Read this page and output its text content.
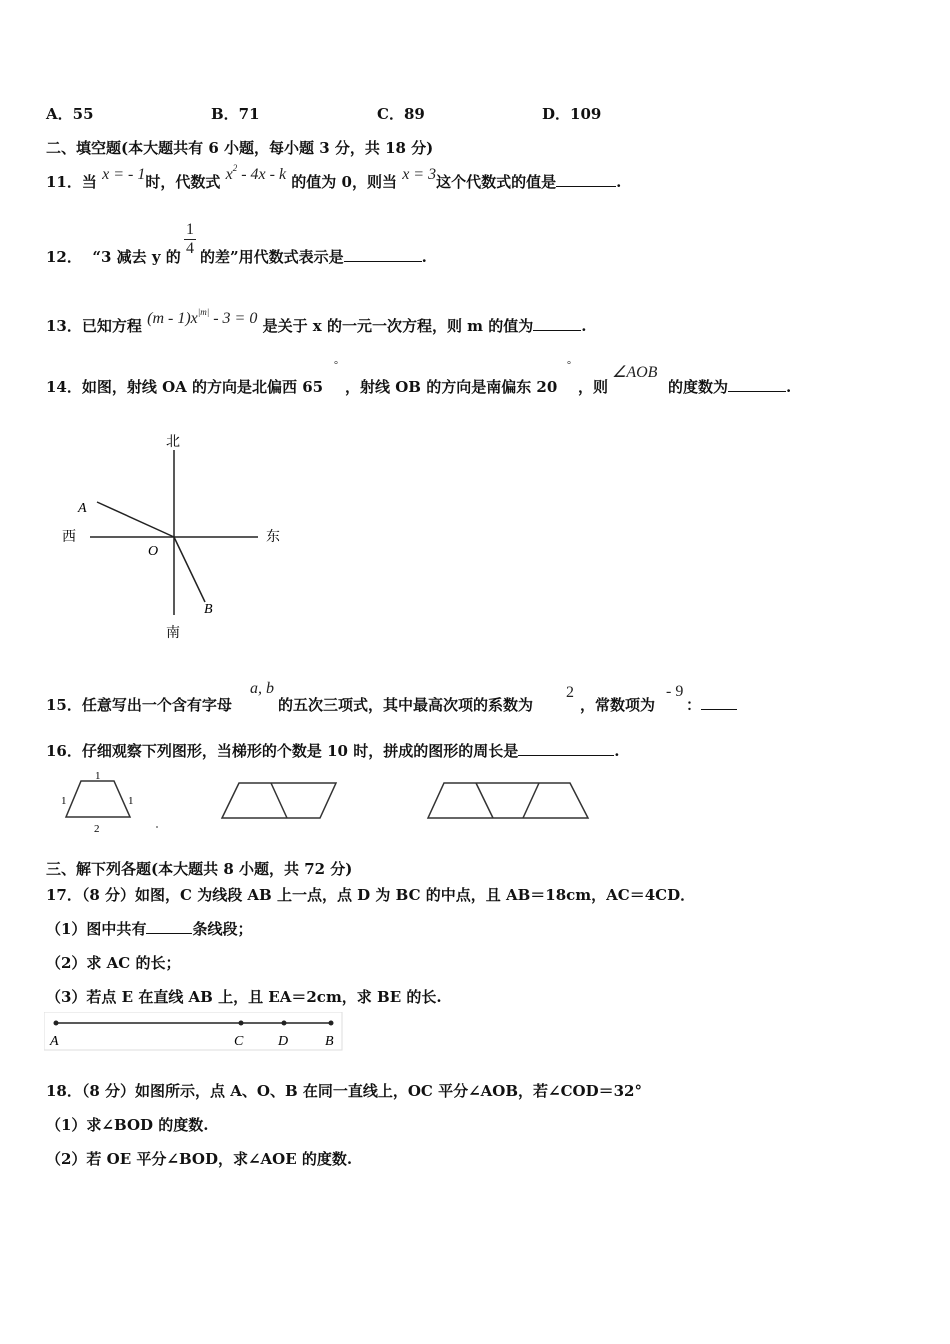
A．55	B．71	C．89	D．109
二、填空题(本大题共有 6 小题，每小题 3 分，共 18 分)
11．当 x = - 1时，代数式 $x^2 - 4x$ - k 的值为 0，则当 x = 3这个代数式的值是	.
12． “3 减去 y 的
1
4 的差”用代数式表示是	.
13．已知方程 $(m - 1)x^{|m|} - 3 = 0$ 是关于 x 的一元一次方程，则 m 的值为	.
14．如图，射线 OA 的方向是北偏西 65
°
，射线 OB 的方向是南偏东 20
°
，则
∠AOB
的度数为	.
北
南
东
西
A
O
B
15．任意写出一个含有字母
a, b
的五次三项式，其中最高次项的系数为
2
，常数项为
- 9
：
16．仔细观察下列图形，当梯形的个数是 10 时，拼成的图形的周长是	.
1
1	1
2
三、解下列各题(本大题共 8 小题，共 72 分)
17．（8 分）如图，C 为线段 AB 上一点，点 D 为 BC 的中点，且 AB＝18cm，AC＝4CD．
（1）图中共有	条线段；
（2）求 AC 的长；
（3）若点 E 在直线 AB 上，且 EA＝2cm，求 BE 的长.
A	C D	B
18．（8 分）如图所示，点 A、O、B 在同一直线上，OC 平分∠AOB，若∠COD＝32°
（1）求∠BOD 的度数.
（2）若 OE 平分∠BOD，求∠AOE 的度数.
